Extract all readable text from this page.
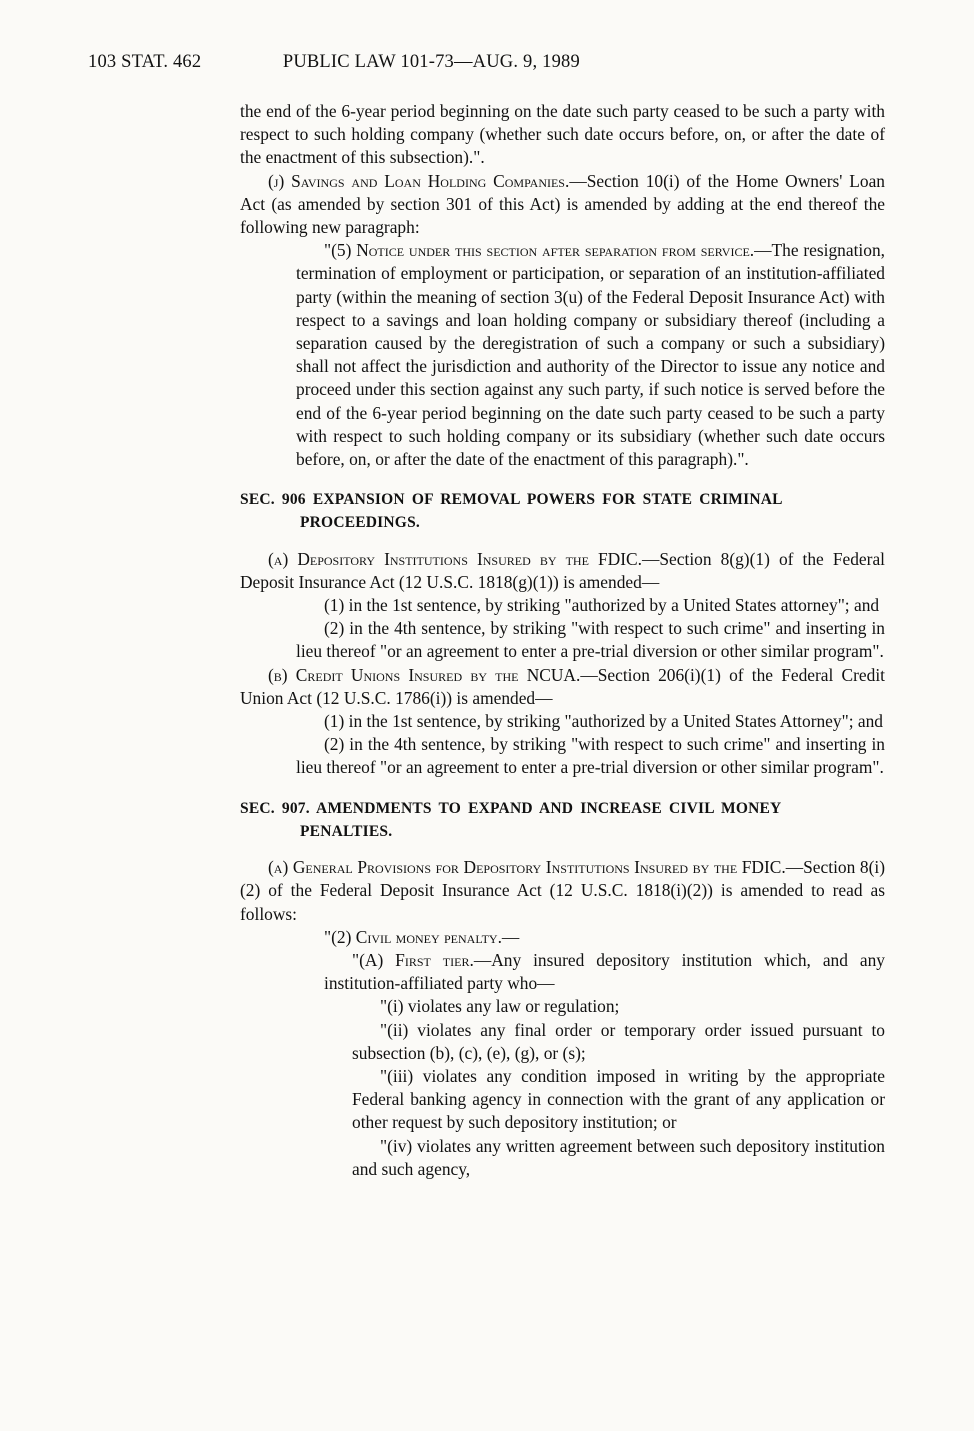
103 STAT. 462	PUBLIC LAW 101-73—AUG. 9, 1989

the end of the 6-year period beginning on the date such party ceased to be such a party with respect to such holding company (whether such date occurs before, on, or after the date of the enactment of this subsection).".

(j) Savings and Loan Holding Companies.—Section 10(i) of the Home Owners' Loan Act (as amended by section 301 of this Act) is amended by adding at the end thereof the following new paragraph:

"(5) Notice under this section after separation from service.—The resignation, termination of employment or participation, or separation of an institution-affiliated party (within the meaning of section 3(u) of the Federal Deposit Insurance Act) with respect to a savings and loan holding company or subsidiary thereof (including a separation caused by the deregistration of such a company or such a subsidiary) shall not affect the jurisdiction and authority of the Director to issue any notice and proceed under this section against any such party, if such notice is served before the end of the 6-year period beginning on the date such party ceased to be such a party with respect to such holding company or its subsidiary (whether such date occurs before, on, or after the date of the enactment of this paragraph).".

SEC. 906 EXPANSION OF REMOVAL POWERS FOR STATE CRIMINAL
PROCEEDINGS.

(a) Depository Institutions Insured by the FDIC.—Section 8(g)(1) of the Federal Deposit Insurance Act (12 U.S.C. 1818(g)(1)) is amended—

(1) in the 1st sentence, by striking "authorized by a United States attorney"; and

(2) in the 4th sentence, by striking "with respect to such crime" and inserting in lieu thereof "or an agreement to enter a pre-trial diversion or other similar program".

(b) Credit Unions Insured by the NCUA.—Section 206(i)(1) of the Federal Credit Union Act (12 U.S.C. 1786(i)) is amended—

(1) in the 1st sentence, by striking "authorized by a United States Attorney"; and

(2) in the 4th sentence, by striking "with respect to such crime" and inserting in lieu thereof "or an agreement to enter a pre-trial diversion or other similar program".

SEC. 907. AMENDMENTS TO EXPAND AND INCREASE CIVIL MONEY
PENALTIES.

(a) General Provisions for Depository Institutions Insured by the FDIC.—Section 8(i)(2) of the Federal Deposit Insurance Act (12 U.S.C. 1818(i)(2)) is amended to read as follows:

"(2) Civil money penalty.—

"(A) First tier.—Any insured depository institution which, and any institution-affiliated party who—

"(i) violates any law or regulation;

"(ii) violates any final order or temporary order issued pursuant to subsection (b), (c), (e), (g), or (s);

"(iii) violates any condition imposed in writing by the appropriate Federal banking agency in connection with the grant of any application or other request by such depository institution; or

"(iv) violates any written agreement between such depository institution and such agency,
